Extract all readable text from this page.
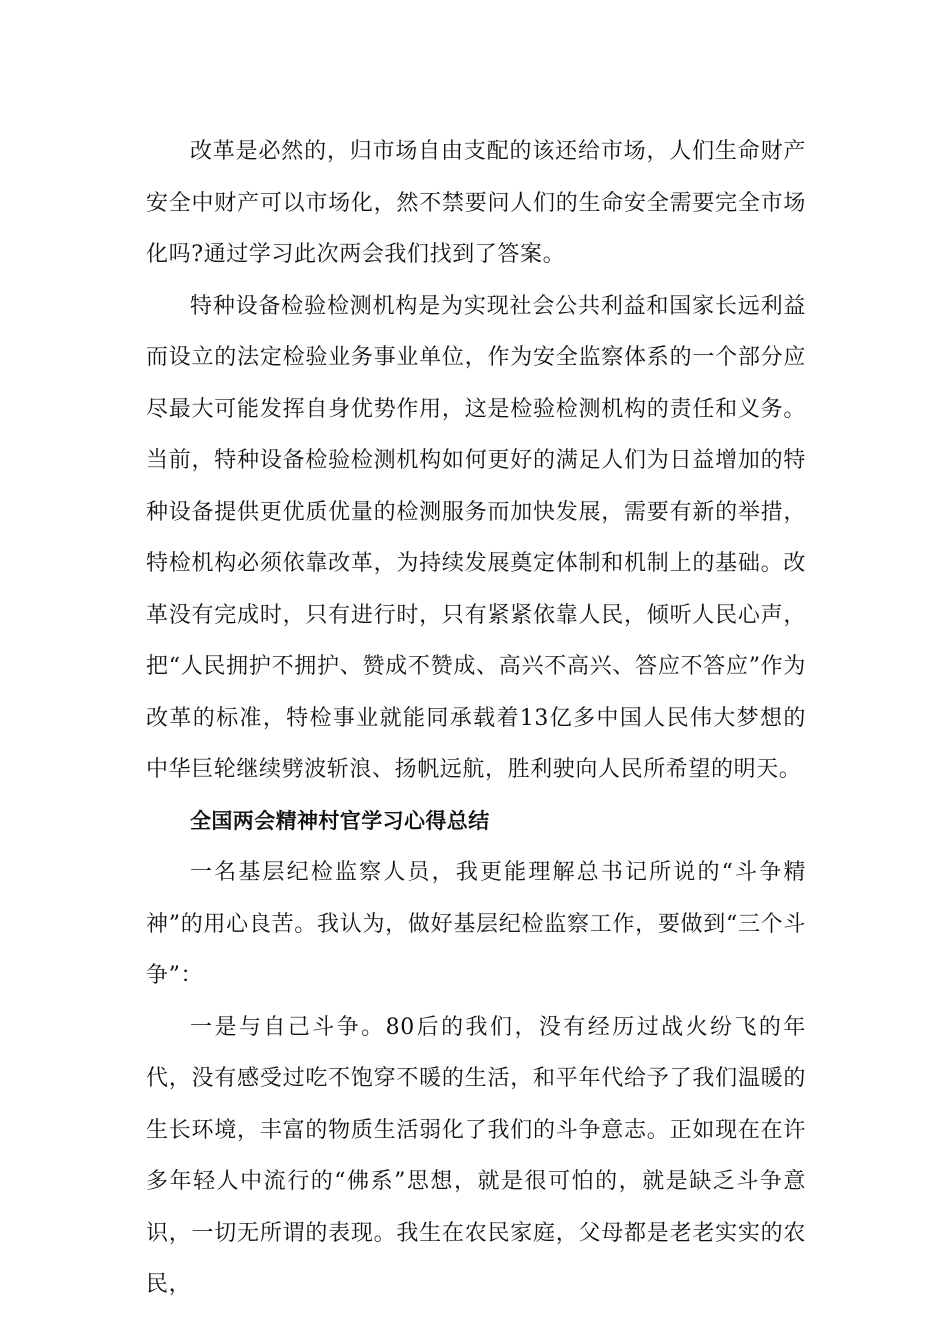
改革是必然的，归市场自由支配的该还给市场，人们生命财产安全中财产可以市场化，然不禁要问人们的生命安全需要完全市场化吗?通过学习此次两会我们找到了答案。

特种设备检验检测机构是为实现社会公共利益和国家长远利益而设立的法定检验业务事业单位，作为安全监察体系的一个部分应尽最大可能发挥自身优势作用，这是检验检测机构的责任和义务。当前，特种设备检验检测机构如何更好的满足人们为日益增加的特种设备提供更优质优量的检测服务而加快发展，需要有新的举措，特检机构必须依靠改革，为持续发展奠定体制和机制上的基础。改革没有完成时，只有进行时，只有紧紧依靠人民，倾听人民心声，把“人民拥护不拥护、赞成不赞成、高兴不高兴、答应不答应”作为改革的标准，特检事业就能同承载着13亿多中国人民伟大梦想的中华巨轮继续劈波斩浪、扬帆远航，胜利驶向人民所希望的明天。

全国两会精神村官学习心得总结

一名基层纪检监察人员，我更能理解总书记所说的“斗争精神”的用心良苦。我认为，做好基层纪检监察工作，要做到“三个斗争”：

一是与自己斗争。80后的我们，没有经历过战火纷飞的年代，没有感受过吃不饱穿不暖的生活，和平年代给予了我们温暖的生长环境，丰富的物质生活弱化了我们的斗争意志。正如现在在许多年轻人中流行的“佛系”思想，就是很可怕的，就是缺乏斗争意识，一切无所谓的表现。我生在农民家庭，父母都是老老实实的农民，
